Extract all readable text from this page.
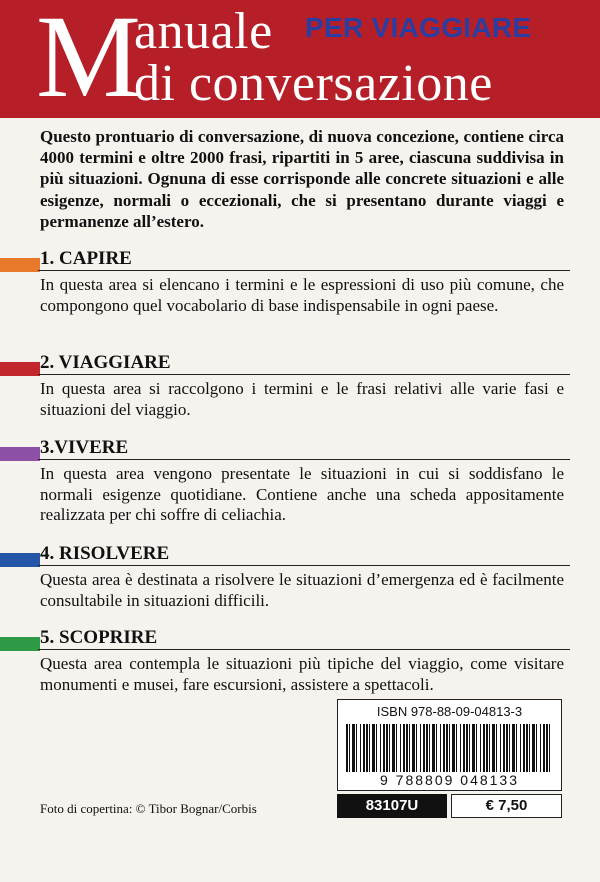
M
anuale PER VIAGGIARE
di conversazione

Questo prontuario di conversazione, di nuova concezione, contiene circa 4000 termini e oltre 2000 frasi, ripartiti in 5 aree, ciascuna suddivisa in più situazioni. Ognuna di esse corrisponde alle concrete situazioni e alle esigenze, normali o eccezionali, che si presentano durante viaggi e permanenze all’estero.

1. CAPIRE

In questa area si elencano i termini e le espressioni di uso più comune, che compongono quel vocabolario di base indispensabile in ogni paese.

2. VIAGGIARE

In questa area si raccolgono i termini e le frasi relativi alle varie fasi e situazioni del viaggio.

3.VIVERE

In questa area vengono presentate le situazioni in cui si soddisfano le normali esigenze quotidiane. Contiene anche una scheda appositamente realizzata per chi soffre di celiachia.

4. RISOLVERE

Questa area è destinata a risolvere le situazioni d’emergenza ed è facilmente consultabile in situazioni difficili.

5. SCOPRIRE

Questa area contempla le situazioni più tipiche del viaggio, come visitare monumenti e musei, fare escursioni, assistere a spettacoli.

ISBN 978-88-09-04813-3
9 788809 048133
83107U	€ 7,50
Foto di copertina: © Tibor Bognar/Corbis
